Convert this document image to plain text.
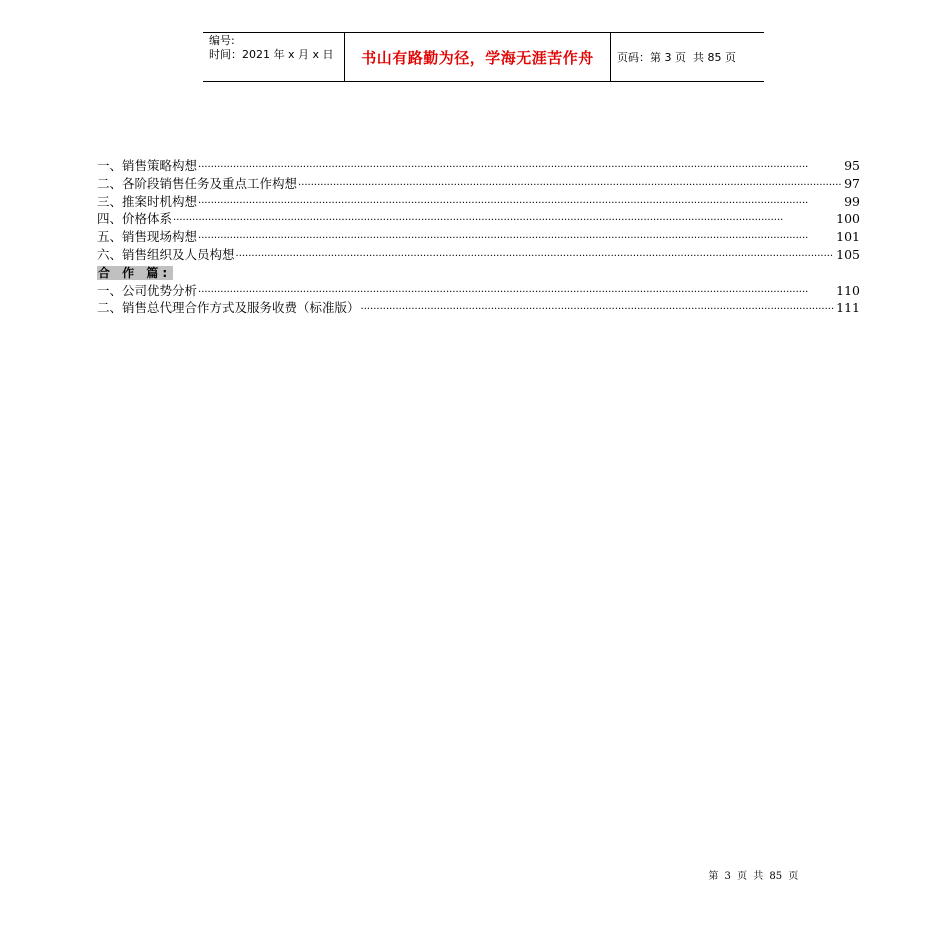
编号:
时间：2021 年 x 月 x 日	书山有路勤为径，学海无涯苦作舟 页码：第 3 页  共 85 页
一、销售策略构想 ·····	95
二、各阶段销售任务及重点工作构想 ·····	97
三、推案时机构想 ·····	99
四、价格体系 ·····	100
五、销售现场构想 ·····	101
六、销售组织及人员构想 ·····	105
合 作 篇:
一、公司优势分析 ·····	110
二、销售总代理合作方式及服务收费（标准版） ·····	111

第 3 页 共 85 页
